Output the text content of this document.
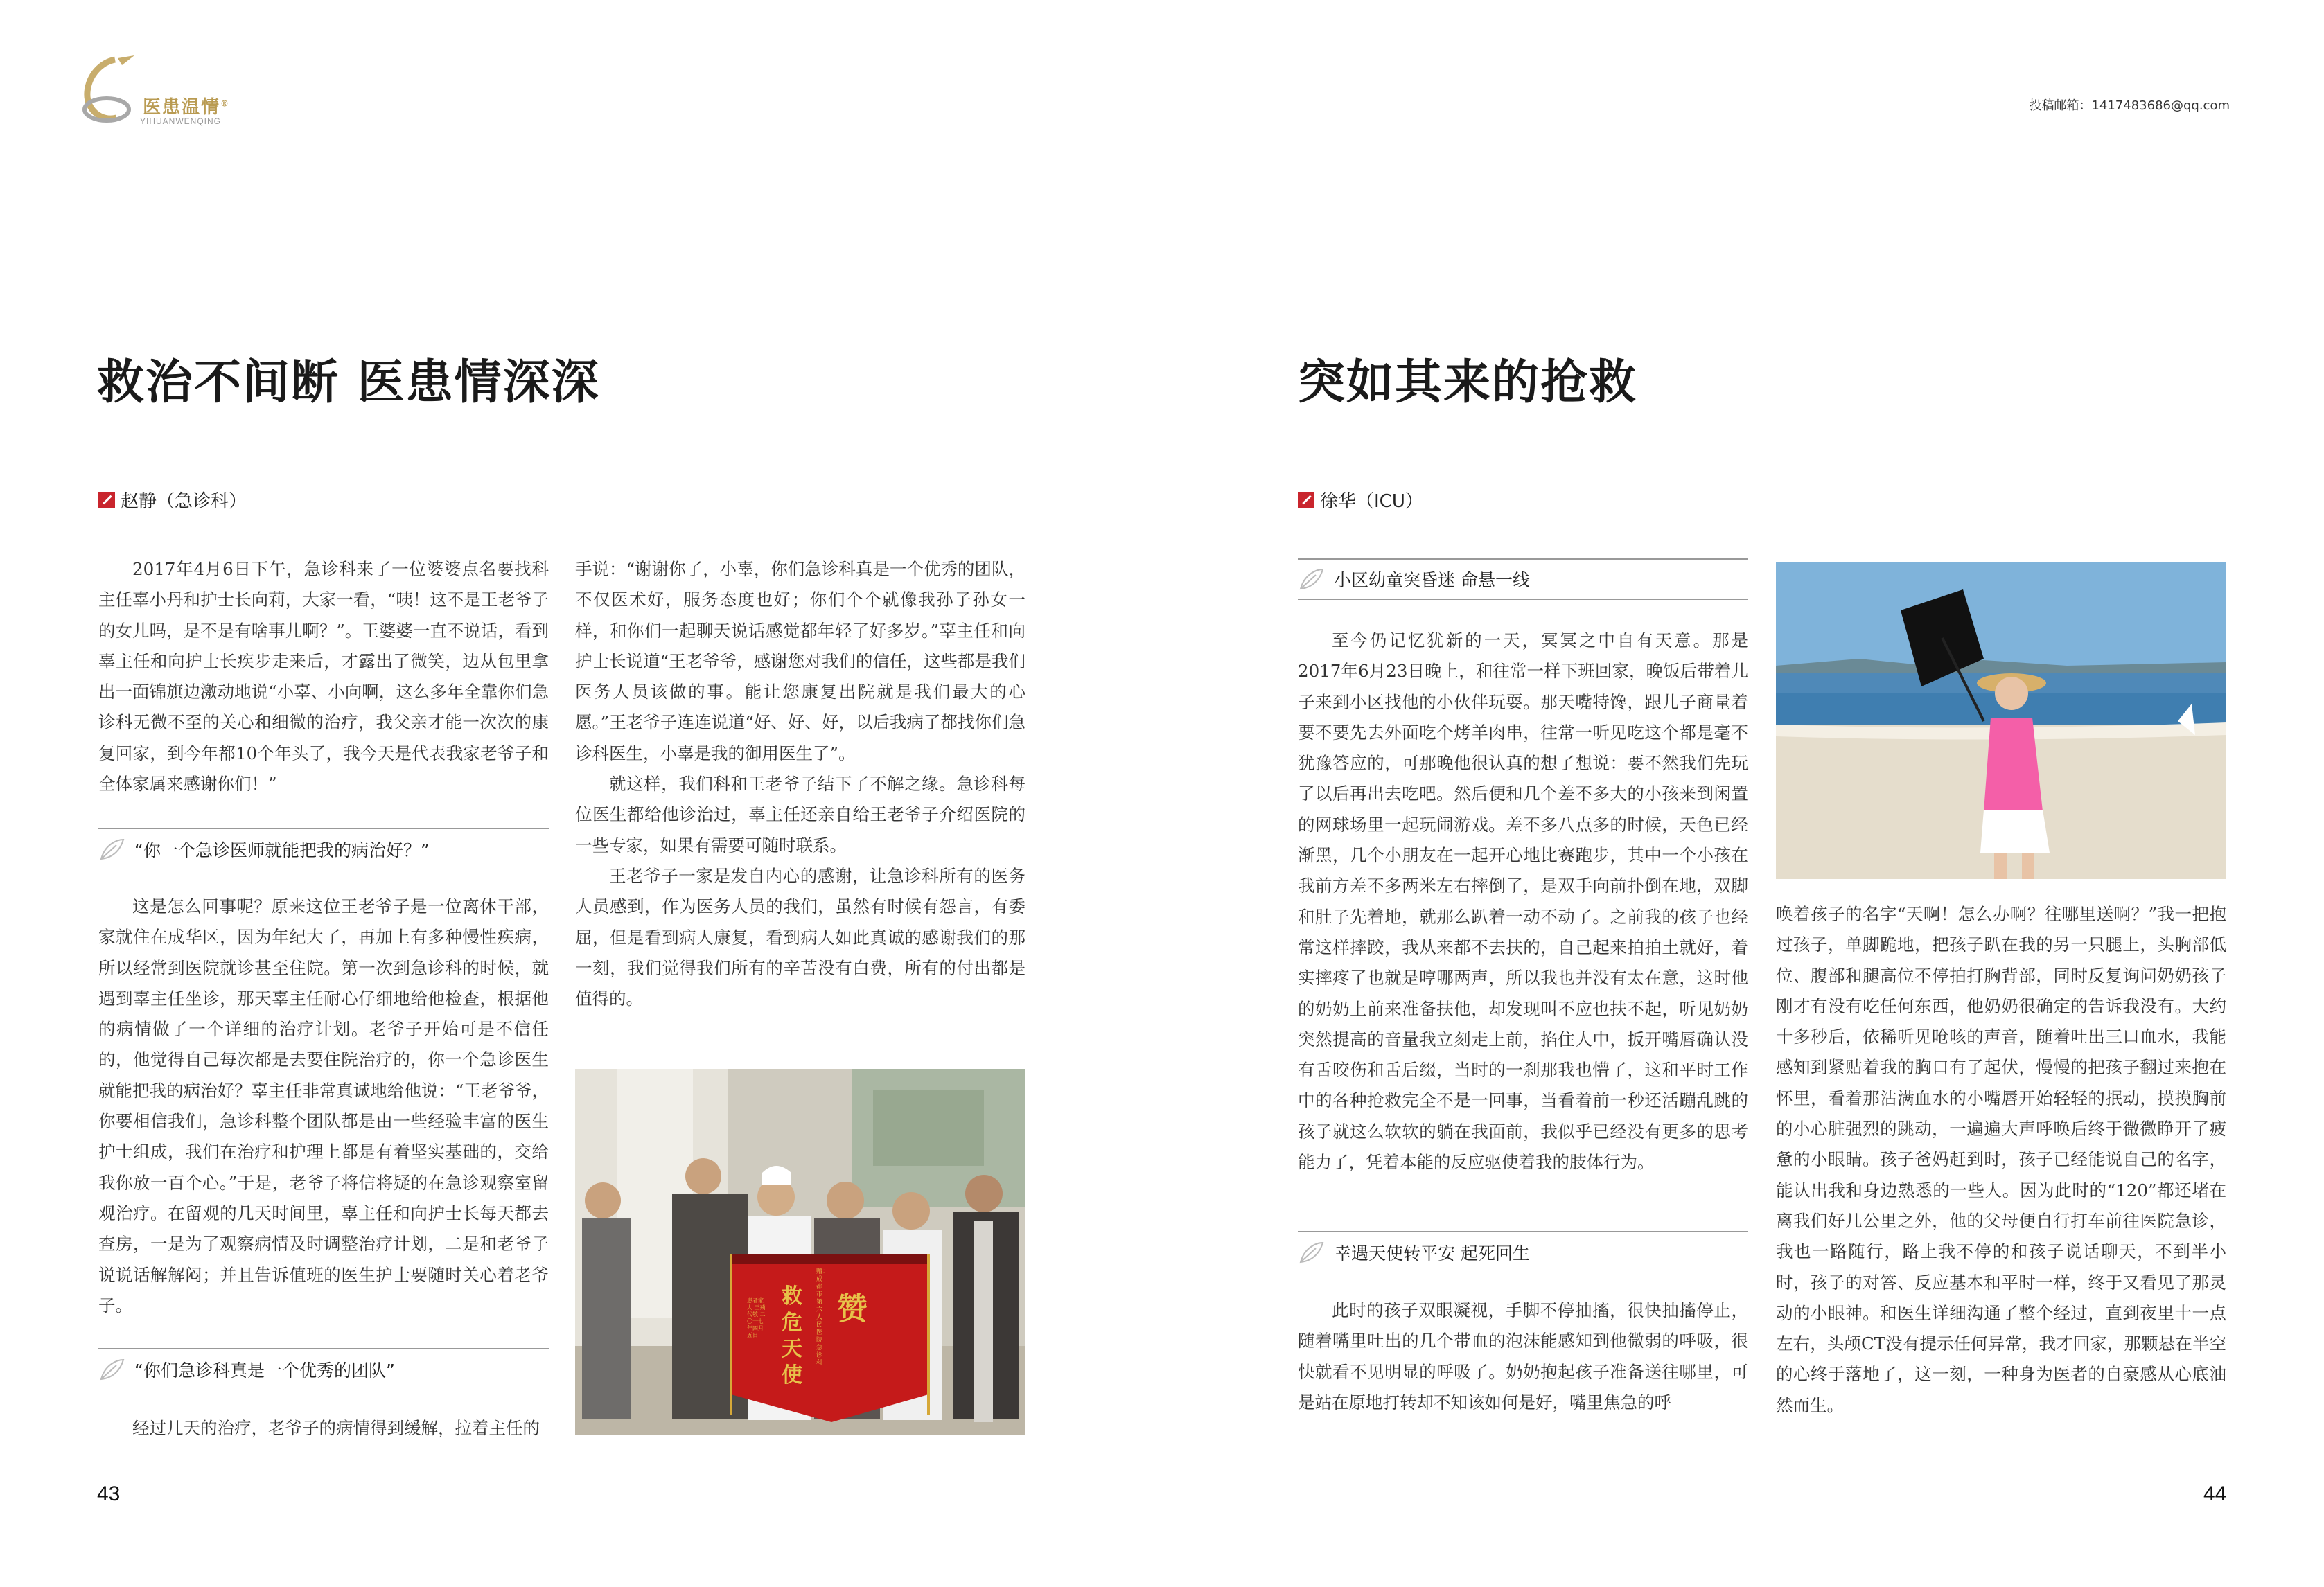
医患温情®
YIHUANWENQING
投稿邮箱：1417483686@qq.com
救治不间断 医患情深深
赵静（急诊科）

2017年4月6日下午，急诊科来了一位婆婆点名要找科主任辜小丹和护士长向莉，大家一看，“咦！这不是王老爷子的女儿吗，是不是有啥事儿啊？”。王婆婆一直不说话，看到辜主任和向护士长疾步走来后，才露出了微笑，边从包里拿出一面锦旗边激动地说“小辜、小向啊，这么多年全靠你们急诊科无微不至的关心和细微的治疗，我父亲才能一次次的康复回家，到今年都10个年头了，我今天是代表我家老爷子和全体家属来感谢你们！”

“你一个急诊医师就能把我的病治好？”

这是怎么回事呢？原来这位王老爷子是一位离休干部，家就住在成华区，因为年纪大了，再加上有多种慢性疾病，所以经常到医院就诊甚至住院。第一次到急诊科的时候，就遇到辜主任坐诊，那天辜主任耐心仔细地给他检查，根据他的病情做了一个详细的治疗计划。老爷子开始可是不信任的，他觉得自己每次都是去要住院治疗的，你一个急诊医生就能把我的病治好？辜主任非常真诚地给他说：“王老爷爷，你要相信我们，急诊科整个团队都是由一些经验丰富的医生护士组成，我们在治疗和护理上都是有着坚实基础的，交给我你放一百个心。”于是，老爷子将信将疑的在急诊观察室留观治疗。在留观的几天时间里，辜主任和向护士长每天都去查房，一是为了观察病情及时调整治疗计划，二是和老爷子说说话解解闷；并且告诉值班的医生护士要随时关心着老爷子。

“你们急诊科真是一个优秀的团队”

经过几天的治疗，老爷子的病情得到缓解，拉着主任的

手说：“谢谢你了，小辜，你们急诊科真是一个优秀的团队，不仅医术好，服务态度也好；你们个个就像我孙子孙女一样，和你们一起聊天说话感觉都年轻了好多岁。”辜主任和向护士长说道“王老爷爷，感谢您对我们的信任，这些都是我们医务人员该做的事。能让您康复出院就是我们最大的心愿。”王老爷子连连说道“好、好、好，以后我病了都找你们急诊科医生，小辜是我的御用医生了”。

就这样，我们科和王老爷子结下了不解之缘。急诊科每位医生都给他诊治过，辜主任还亲自给王老爷子介绍医院的一些专家，如果有需要可随时联系。

王老爷子一家是发自内心的感谢，让急诊科所有的医务人员感到，作为医务人员的我们，虽然有时候有怨言，有委屈，但是看到病人康复，看到病人如此真诚的感谢我们的那一刻，我们觉得我们所有的辛苦没有白费，所有的付出都是值得的。

救危天使
赞
赠：成都市第六人民医院急诊科
患者家人 王荊代敬 二〇一七年四月五日
43
突如其来的抢救
徐华（ICU）
小区幼童突昏迷 命悬一线

至今仍记忆犹新的一天，冥冥之中自有天意。那是2017年6月23日晚上，和往常一样下班回家，晚饭后带着儿子来到小区找他的小伙伴玩耍。那天嘴特馋，跟儿子商量着要不要先去外面吃个烤羊肉串，往常一听见吃这个都是毫不犹豫答应的，可那晚他很认真的想了想说：要不然我们先玩了以后再出去吃吧。然后便和几个差不多大的小孩来到闲置的网球场里一起玩闹游戏。差不多八点多的时候，天色已经渐黑，几个小朋友在一起开心地比赛跑步，其中一个小孩在我前方差不多两米左右摔倒了，是双手向前扑倒在地，双脚和肚子先着地，就那么趴着一动不动了。之前我的孩子也经常这样摔跤，我从来都不去扶的，自己起来拍拍土就好，着实摔疼了也就是哼哪两声，所以我也并没有太在意，这时他的奶奶上前来准备扶他，却发现叫不应也扶不起，听见奶奶突然提高的音量我立刻走上前，掐住人中，扳开嘴唇确认没有舌咬伤和舌后缀，当时的一刹那我也懵了，这和平时工作中的各种抢救完全不是一回事，当看着前一秒还活蹦乱跳的孩子就这么软软的躺在我面前，我似乎已经没有更多的思考能力了，凭着本能的反应驱使着我的肢体行为。

幸遇天使转平安 起死回生

此时的孩子双眼凝视，手脚不停抽搐，很快抽搐停止，随着嘴里吐出的几个带血的泡沫能感知到他微弱的呼吸，很快就看不见明显的呼吸了。奶奶抱起孩子准备送往哪里，可是站在原地打转却不知该如何是好，嘴里焦急的呼

唤着孩子的名字“天啊！怎么办啊？往哪里送啊？”我一把抱过孩子，单脚跪地，把孩子趴在我的另一只腿上，头胸部低位、腹部和腿高位不停拍打胸背部，同时反复询问奶奶孩子刚才有没有吃任何东西，他奶奶很确定的告诉我没有。大约十多秒后，依稀听见呛咳的声音，随着吐出三口血水，我能感知到紧贴着我的胸口有了起伏，慢慢的把孩子翻过来抱在怀里，看着那沾满血水的小嘴唇开始轻轻的抿动，摸摸胸前的小心脏强烈的跳动，一遍遍大声呼唤后终于微微睁开了疲惫的小眼睛。孩子爸妈赶到时，孩子已经能说自己的名字，能认出我和身边熟悉的一些人。因为此时的“120”都还堵在离我们好几公里之外，他的父母便自行打车前往医院急诊，我也一路随行，路上我不停的和孩子说话聊天，不到半小时，孩子的对答、反应基本和平时一样，终于又看见了那灵动的小眼神。和医生详细沟通了整个经过，直到夜里十一点左右，头颅CT没有提示任何异常，我才回家，那颗悬在半空的心终于落地了，这一刻，一种身为医者的自豪感从心底油然而生。

44
